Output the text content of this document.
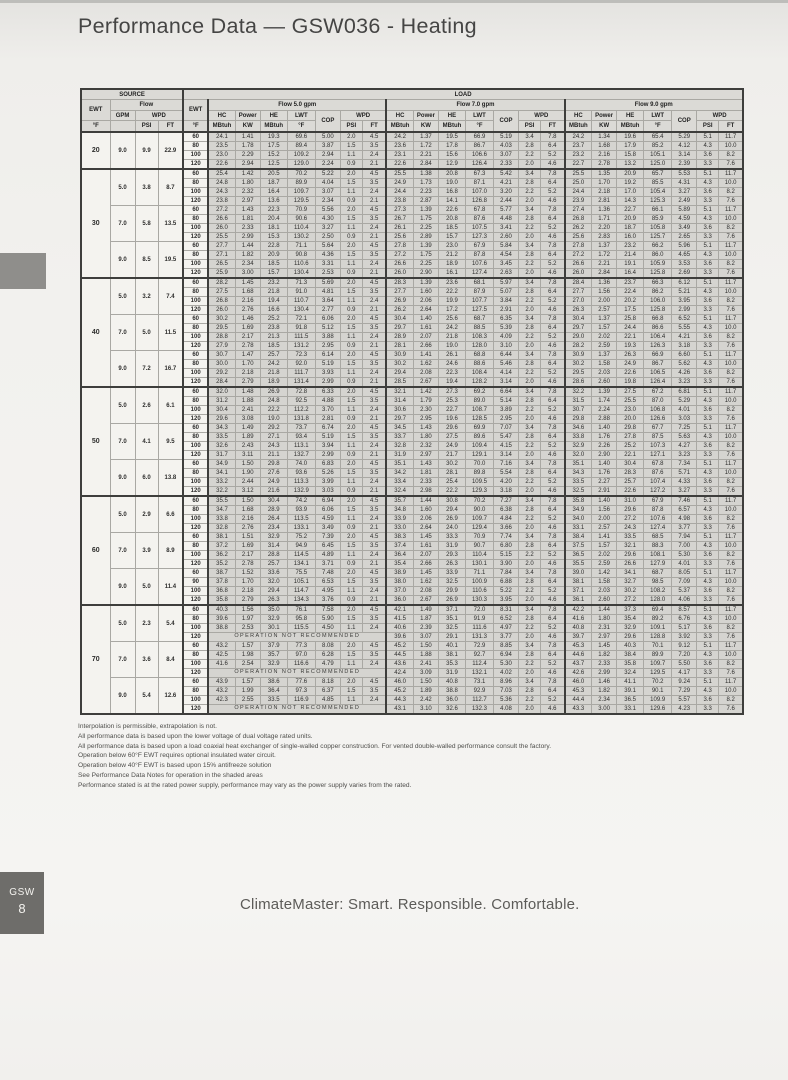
Performance Data — GSW036 - Heating
SOURCE				LOAD																					
EWT	Flow			EWT	Flow 5.0 gpm							Flow 7.0 gpm							Flow 9.0 gpm						
	GPM	WPD			HC	Power	HE	LWT	COP	WPD		HC	Power	HE	LWT	COP	WPD		HC	Power	HE	LWT	COP	WPD	
°F		PSI	FT	°F	MBtuh	KW	MBtuh	°F		PSI	FT	MBtuh	KW	MBtuh	°F		PSI	FT	MBtuh	KW	MBtuh	°F		PSI	FT
20	9.0	9.9	22.9	60	24.1	1.41	19.3	69.6	5.00	2.0	4.5	24.2	1.37	19.5	66.9	5.19	3.4	7.8	24.2	1.34	19.6	65.4	5.29	5.1	11.7
				80	23.5	1.78	17.5	89.4	3.87	1.5	3.5	23.6	1.72	17.8	86.7	4.03	2.8	6.4	23.7	1.68	17.9	85.2	4.12	4.3	10.0
				100	23.0	2.29	15.2	109.2	2.94	1.1	2.4	23.1	2.21	15.6	106.6	3.07	2.2	5.2	23.2	2.16	15.8	105.1	3.14	3.6	8.2
				120	22.6	2.94	12.5	129.0	2.24	0.9	2.1	22.6	2.84	12.9	126.4	2.33	2.0	4.6	22.7	2.78	13.2	125.0	2.39	3.3	7.6
30	5.0	3.8	8.7	60	25.4	1.42	20.5	70.2	5.22	2.0	4.5	25.5	1.38	20.8	67.3	5.42	3.4	7.8	25.5	1.35	20.9	65.7	5.53	5.1	11.7
				80	24.8	1.80	18.7	89.9	4.04	1.5	3.5	24.9	1.73	19.0	87.1	4.21	2.8	6.4	25.0	1.70	19.2	85.5	4.31	4.3	10.0
				100	24.3	2.32	16.4	109.7	3.07	1.1	2.4	24.4	2.23	16.8	107.0	3.20	2.2	5.2	24.4	2.18	17.0	105.4	3.27	3.6	8.2
				120	23.8	2.97	13.6	129.5	2.34	0.9	2.1	23.8	2.87	14.1	126.8	2.44	2.0	4.6	23.9	2.81	14.3	125.3	2.49	3.3	7.6
	7.0	5.8	13.5	60	27.2	1.43	22.3	70.9	5.56	2.0	4.5	27.3	1.39	22.6	67.8	5.77	3.4	7.8	27.4	1.36	22.7	66.1	5.89	5.1	11.7
				80	26.6	1.81	20.4	90.6	4.30	1.5	3.5	26.7	1.75	20.8	87.6	4.48	2.8	6.4	26.8	1.71	20.9	85.9	4.59	4.3	10.0
				100	26.0	2.33	18.1	110.4	3.27	1.1	2.4	26.1	2.25	18.5	107.5	3.41	2.2	5.2	26.2	2.20	18.7	105.8	3.49	3.6	8.2
				120	25.5	2.99	15.3	130.2	2.50	0.9	2.1	25.6	2.89	15.7	127.3	2.60	2.0	4.6	25.6	2.83	16.0	125.7	2.65	3.3	7.6
	9.0	8.5	19.5	60	27.7	1.44	22.8	71.1	5.64	2.0	4.5	27.8	1.39	23.0	67.9	5.84	3.4	7.8	27.8	1.37	23.2	66.2	5.96	5.1	11.7
				80	27.1	1.82	20.9	90.8	4.36	1.5	3.5	27.2	1.75	21.2	87.8	4.54	2.8	6.4	27.2	1.72	21.4	86.0	4.65	4.3	10.0
				100	26.5	2.34	18.5	110.6	3.31	1.1	2.4	26.6	2.25	18.9	107.6	3.45	2.2	5.2	26.6	2.21	19.1	105.9	3.53	3.6	8.2
				120	25.9	3.00	15.7	130.4	2.53	0.9	2.1	26.0	2.90	16.1	127.4	2.63	2.0	4.6	26.0	2.84	16.4	125.8	2.69	3.3	7.6
40	5.0	3.2	7.4	60	28.2	1.45	23.2	71.3	5.69	2.0	4.5	28.3	1.39	23.6	68.1	5.97	3.4	7.8	28.4	1.36	23.7	66.3	6.12	5.1	11.7
				80	27.5	1.68	21.8	91.0	4.81	1.5	3.5	27.7	1.60	22.2	87.9	5.07	2.8	6.4	27.7	1.56	22.4	86.2	5.21	4.3	10.0
				100	26.8	2.16	19.4	110.7	3.64	1.1	2.4	26.9	2.06	19.9	107.7	3.84	2.2	5.2	27.0	2.00	20.2	106.0	3.95	3.6	8.2
				120	26.0	2.76	16.6	130.4	2.77	0.9	2.1	26.2	2.64	17.2	127.5	2.91	2.0	4.6	26.3	2.57	17.5	125.8	2.99	3.3	7.6
	7.0	5.0	11.5	60	30.2	1.46	25.2	72.1	6.06	2.0	4.5	30.4	1.40	25.6	68.7	6.35	3.4	7.8	30.4	1.37	25.8	66.8	6.52	5.1	11.7
				80	29.5	1.69	23.8	91.8	5.12	1.5	3.5	29.7	1.61	24.2	88.5	5.39	2.8	6.4	29.7	1.57	24.4	86.6	5.55	4.3	10.0
				100	28.8	2.17	21.3	111.5	3.88	1.1	2.4	28.9	2.07	21.8	108.3	4.09	2.2	5.2	29.0	2.02	22.1	106.4	4.21	3.6	8.2
				120	27.9	2.78	18.5	131.2	2.95	0.9	2.1	28.1	2.66	19.0	128.0	3.10	2.0	4.6	28.2	2.59	19.3	126.3	3.18	3.3	7.6
	9.0	7.2	16.7	60	30.7	1.47	25.7	72.3	6.14	2.0	4.5	30.9	1.41	26.1	68.8	6.44	3.4	7.8	30.9	1.37	26.3	66.9	6.60	5.1	11.7
				80	30.0	1.70	24.2	92.0	5.19	1.5	3.5	30.2	1.62	24.6	88.6	5.46	2.8	6.4	30.2	1.58	24.9	86.7	5.62	4.3	10.0
				100	29.2	2.18	21.8	111.7	3.93	1.1	2.4	29.4	2.08	22.3	108.4	4.14	2.2	5.2	29.5	2.03	22.6	106.5	4.26	3.6	8.2
				120	28.4	2.79	18.9	131.4	2.99	0.9	2.1	28.5	2.67	19.4	128.2	3.14	2.0	4.6	28.6	2.60	19.8	126.4	3.23	3.3	7.6
50	5.0	2.6	6.1	60	32.0	1.48	26.9	72.8	6.33	2.0	4.5	32.1	1.42	27.3	69.2	6.64	3.4	7.8	32.2	1.39	27.5	67.2	6.81	5.1	11.7
				80	31.2	1.88	24.8	92.5	4.88	1.5	3.5	31.4	1.79	25.3	89.0	5.14	2.8	6.4	31.5	1.74	25.5	87.0	5.29	4.3	10.0
				100	30.4	2.41	22.2	112.2	3.70	1.1	2.4	30.6	2.30	22.7	108.7	3.89	2.2	5.2	30.7	2.24	23.0	106.8	4.01	3.6	8.2
				120	29.6	3.08	19.0	131.8	2.81	0.9	2.1	29.7	2.95	19.6	128.5	2.95	2.0	4.6	29.8	2.88	20.0	126.6	3.03	3.3	7.6
	7.0	4.1	9.5	60	34.3	1.49	29.2	73.7	6.74	2.0	4.5	34.5	1.43	29.6	69.9	7.07	3.4	7.8	34.6	1.40	29.8	67.7	7.25	5.1	11.7
				80	33.5	1.89	27.1	93.4	5.19	1.5	3.5	33.7	1.80	27.5	89.6	5.47	2.8	6.4	33.8	1.76	27.8	87.5	5.63	4.3	10.0
				100	32.6	2.43	24.3	113.1	3.94	1.1	2.4	32.8	2.32	24.9	109.4	4.15	2.2	5.2	32.9	2.26	25.2	107.3	4.27	3.6	8.2
				120	31.7	3.11	21.1	132.7	2.99	0.9	2.1	31.9	2.97	21.7	129.1	3.14	2.0	4.6	32.0	2.90	22.1	127.1	3.23	3.3	7.6
	9.0	6.0	13.8	60	34.9	1.50	29.8	74.0	6.83	2.0	4.5	35.1	1.43	30.2	70.0	7.16	3.4	7.8	35.1	1.40	30.4	67.8	7.34	5.1	11.7
				80	34.1	1.90	27.6	93.6	5.26	1.5	3.5	34.2	1.81	28.1	89.8	5.54	2.8	6.4	34.3	1.76	28.3	87.6	5.71	4.3	10.0
				100	33.2	2.44	24.9	113.3	3.99	1.1	2.4	33.4	2.33	25.4	109.5	4.20	2.2	5.2	33.5	2.27	25.7	107.4	4.33	3.6	8.2
				120	32.2	3.12	21.6	132.9	3.03	0.9	2.1	32.4	2.98	22.2	129.3	3.18	2.0	4.6	32.5	2.91	22.6	127.2	3.27	3.3	7.6
60	5.0	2.9	6.6	60	35.5	1.50	30.4	74.2	6.94	2.0	4.5	35.7	1.44	30.8	70.2	7.27	3.4	7.8	35.8	1.40	31.0	67.9	7.46	5.1	11.7
				80	34.7	1.68	28.9	93.9	6.06	1.5	3.5	34.8	1.60	29.4	90.0	6.38	2.8	6.4	34.9	1.56	29.6	87.8	6.57	4.3	10.0
				100	33.8	2.16	26.4	113.5	4.59	1.1	2.4	33.9	2.06	26.9	109.7	4.84	2.2	5.2	34.0	2.00	27.2	107.6	4.98	3.6	8.2
				120	32.8	2.76	23.4	133.1	3.49	0.9	2.1	33.0	2.64	24.0	129.4	3.66	2.0	4.6	33.1	2.57	24.3	127.4	3.77	3.3	7.6
	7.0	3.9	8.9	60	38.1	1.51	32.9	75.2	7.39	2.0	4.5	38.3	1.45	33.3	70.9	7.74	3.4	7.8	38.4	1.41	33.5	68.5	7.94	5.1	11.7
				80	37.2	1.69	31.4	94.9	6.45	1.5	3.5	37.4	1.61	31.9	90.7	6.80	2.8	6.4	37.5	1.57	32.1	88.3	7.00	4.3	10.0
				100	36.2	2.17	28.8	114.5	4.89	1.1	2.4	36.4	2.07	29.3	110.4	5.15	2.2	5.2	36.5	2.02	29.6	108.1	5.30	3.6	8.2
				120	35.2	2.78	25.7	134.1	3.71	0.9	2.1	35.4	2.66	26.3	130.1	3.90	2.0	4.6	35.5	2.59	26.6	127.9	4.01	3.3	7.6
	9.0	5.0	11.4	60	38.7	1.52	33.6	75.5	7.48	2.0	4.5	38.9	1.45	33.9	71.1	7.84	3.4	7.8	39.0	1.42	34.1	68.7	8.05	5.1	11.7
				90	37.8	1.70	32.0	105.1	6.53	1.5	3.5	38.0	1.62	32.5	100.9	6.88	2.8	6.4	38.1	1.58	32.7	98.5	7.09	4.3	10.0
				100	36.8	2.18	29.4	114.7	4.95	1.1	2.4	37.0	2.08	29.9	110.6	5.22	2.2	5.2	37.1	2.03	30.2	108.2	5.37	3.6	8.2
				120	35.8	2.79	26.3	134.3	3.76	0.9	2.1	36.0	2.67	26.9	130.3	3.95	2.0	4.6	36.1	2.60	27.2	128.0	4.06	3.3	7.6
70	5.0	2.3	5.4	60	40.3	1.56	35.0	76.1	7.58	2.0	4.5	42.1	1.49	37.1	72.0	8.31	3.4	7.8	42.2	1.44	37.3	69.4	8.57	5.1	11.7
				80	39.6	1.97	32.9	95.8	5.90	1.5	3.5	41.5	1.87	35.1	91.9	6.52	2.8	6.4	41.6	1.80	35.4	89.2	6.76	4.3	10.0
				100	38.8	2.53	30.1	115.5	4.50	1.1	2.4	40.6	2.39	32.5	111.6	4.97	2.2	5.2	40.8	2.31	32.9	109.1	5.17	3.6	8.2
				120	OPERATION NOT RECOMMENDED							39.6	3.07	29.1	131.3	3.77	2.0	4.6	39.7	2.97	29.6	128.8	3.92	3.3	7.6
	7.0	3.6	8.4	60	43.2	1.57	37.9	77.3	8.08	2.0	4.5	45.2	1.50	40.1	72.9	8.85	3.4	7.8	45.3	1.45	40.3	70.1	9.12	5.1	11.7
				80	42.5	1.98	35.7	97.0	6.28	1.5	3.5	44.5	1.88	38.1	92.7	6.94	2.8	6.4	44.6	1.82	38.4	89.9	7.20	4.3	10.0
				100	41.6	2.54	32.9	116.6	4.79	1.1	2.4	43.6	2.41	35.3	112.4	5.30	2.2	5.2	43.7	2.33	35.8	109.7	5.50	3.6	8.2
				120	OPERATION NOT RECOMMENDED							42.4	3.09	31.9	132.1	4.02	2.0	4.6	42.6	2.99	32.4	129.5	4.17	3.3	7.6
	9.0	5.4	12.6	60	43.9	1.57	38.6	77.6	8.18	2.0	4.5	46.0	1.50	40.8	73.1	8.96	3.4	7.8	46.0	1.46	41.1	70.2	9.24	5.1	11.7
				80	43.2	1.99	36.4	97.3	6.37	1.5	3.5	45.2	1.89	38.8	92.9	7.03	2.8	6.4	45.3	1.82	39.1	90.1	7.29	4.3	10.0
				100	42.3	2.55	33.5	116.9	4.85	1.1	2.4	44.3	2.42	36.0	112.7	5.36	2.2	5.2	44.4	2.34	36.5	109.9	5.57	3.6	8.2
				120	OPERATION NOT RECOMMENDED							43.1	3.10	32.6	132.3	4.08	2.0	4.6	43.3	3.00	33.1	129.6	4.23	3.3	7.6
Interpolation is permissible, extrapolation is not.
All performance data is based upon the lower voltage of dual voltage rated units.
All performance data is based upon a load coaxial heat exchanger of single-walled copper construction. For vented double-walled performance consult the factory.
Operation below 60°F EWT requires optional insulated water circuit.
Operation below 40°F EWT is based upon 15% antifreeze solution
See Performance Data Notes for operation in the shaded areas
Performance stated is at the rated power supply, performance may vary as the power supply varies from the rated.
GSW
8	ClimateMaster: Smart. Responsible. Comfortable.
